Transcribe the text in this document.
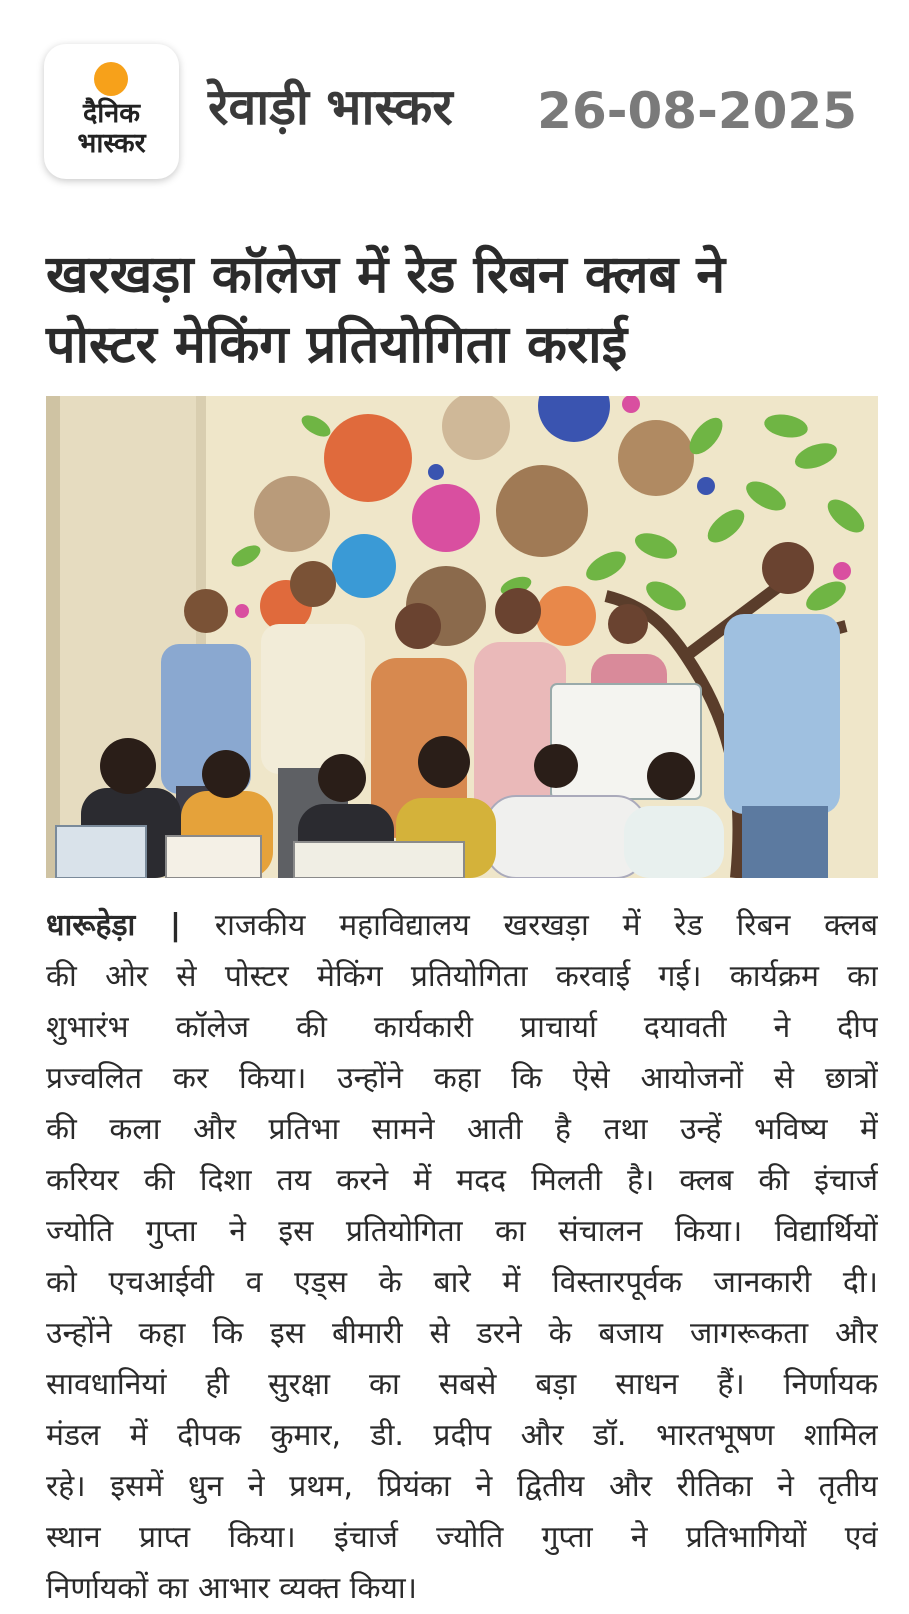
दैनिक
भास्कर
रेवाड़ी भास्कर 26-08-2025
खरखड़ा कॉलेज में रेड रिबन क्लब ने
पोस्टर मेकिंग प्रतियोगिता कराई
धारूहेड़ा | राजकीय महाविद्यालय खरखड़ा में रेड रिबन क्लब
की ओर से पोस्टर मेकिंग प्रतियोगिता करवाई गई। कार्यक्रम का
शुभारंभ कॉलेज की कार्यकारी प्राचार्या दयावती ने दीप
प्रज्वलित कर किया। उन्होंने कहा कि ऐसे आयोजनों से छात्रों
की कला और प्रतिभा सामने आती है तथा उन्हें भविष्य में
करियर की दिशा तय करने में मदद मिलती है। क्लब की इंचार्ज
ज्योति गुप्ता ने इस प्रतियोगिता का संचालन किया। विद्यार्थियों
को एचआईवी व एड्स के बारे में विस्तारपूर्वक जानकारी दी।
उन्होंने कहा कि इस बीमारी से डरने के बजाय जागरूकता और
सावधानियां ही सुरक्षा का सबसे बड़ा साधन हैं। निर्णायक
मंडल में दीपक कुमार, डी. प्रदीप और डॉ. भारतभूषण शामिल
रहे। इसमें धुन ने प्रथम, प्रियंका ने द्वितीय और रीतिका ने तृतीय
स्थान प्राप्त किया। इंचार्ज ज्योति गुप्ता ने प्रतिभागियों एवं
निर्णायकों का आभार व्यक्त किया।
